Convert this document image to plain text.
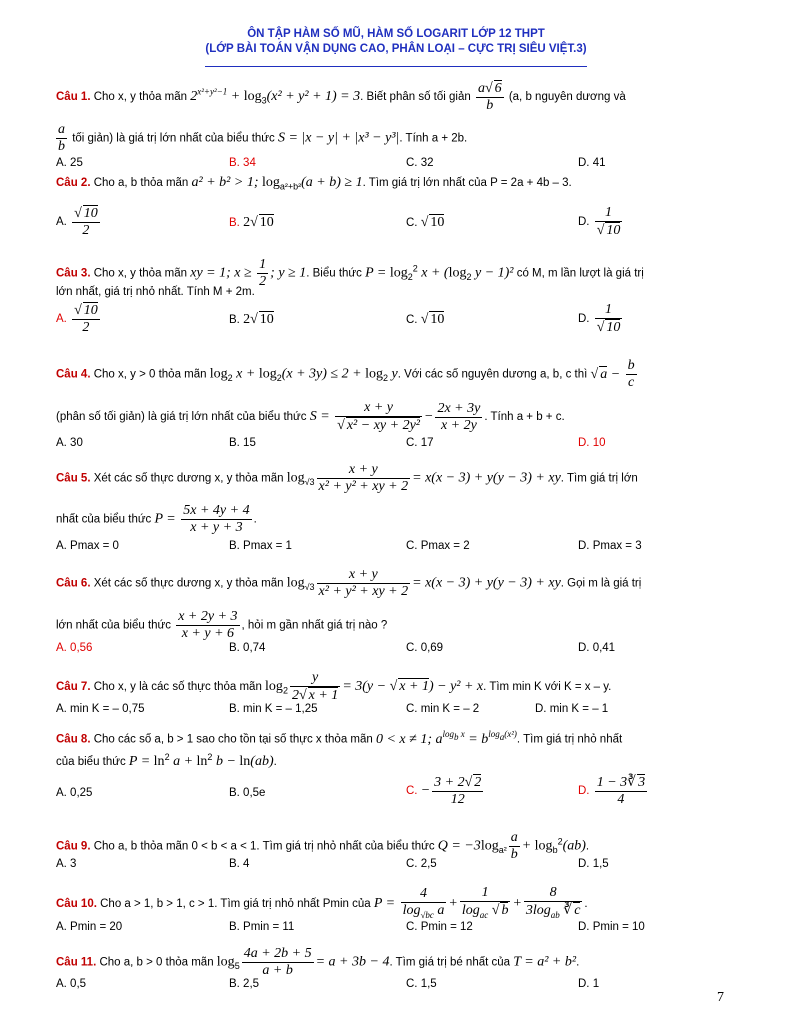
ÔN TẬP HÀM SỐ MŨ, HÀM SỐ LOGARIT LỚP 12 THPT
(LỚP BÀI TOÁN VẬN DỤNG CAO, PHÂN LOẠI – CỰC TRỊ SIÊU VIỆT.3)
Câu 1. Cho x, y thỏa mãn $2^{x^2+y^2-1} + \log_3(x^2 + y^2 + 1) = 3$. Biết phân số tối giản $\frac{a√ 6}{b} (a$, b nguyên dương và
$\frac{a}{b}$ tối giản) là giá trị lớn nhất của biểu thức S = |x − y| + |x³ − y³|. Tính a + 2b.
A. 25	B. 34	C. 32	D. 41
Câu 2. Cho a, b thỏa mãn a² + b² > 1; $\log_{a^2+b^2}(a + b) \ge 1$. Tìm giá trị lớn nhất của P = 2a + 4b – 3.
A. $\frac{√ 10}{2}$	B. 2√ 10	C. √ 10	D. $\frac{1}{√ 10}$
Câu 3. Cho x, y thỏa mãn xy = 1; $x \ge \frac{1}{2}$ ; y ≥ 1. Biểu thức $P = \log_2^2 x + (\log_2$ y − 1)² có M, m lần lượt là giá trị
lớn nhất, giá trị nhỏ nhất. Tính M + 2m.
A. $\frac{√ 10}{2}$	B. 2√ 10	C. √ 10	D. $\frac{1}{√ 10}$
Câu 4. Cho x, y > 0 thỏa mãn $\log_2 x + \log_2(x + 3y) \le 2 + \log_2 y$. Với các số nguyên dương a, b, c thì √ $a - \frac{b}{c}$
(phân số tối giản) là giá trị lớn nhất của biểu thức $S = \frac{x + y}{\text{√ x² − xy + 2y²}} - \frac{2x + 3y}{x + 2y}$ . Tính a + b + c.
A. 30	B. 15	C. 17	D. 10
Câu 5. Xét các số thực dương x, y thỏa mãn $\log_{√3} \frac{x + y}{\text{x² + y² + xy + 2}} = x(x - 3) + y(y - 3)$ + xy. Tìm giá trị lớn
nhất của biểu thức $P = \frac{5x + 4y + 4}{x + y + 3}$ .
A. Pmax = 0	B. Pmax = 1	C. Pmax = 2	D. Pmax = 3
Câu 6. Xét các số thực dương x, y thỏa mãn $\log_{√3} \frac{x + y}{\text{x² + y² + xy + 2}} = x(x - 3) + y(y - 3)$ + xy. Gọi m là giá trị
lớn nhất của biểu thức $\frac{x + 2y + 3}{x + y + 6}$ , hỏi m gần nhất giá trị nào ?
A. 0,56	B. 0,74	C. 0,69	D. 0,41
Câu 7. Cho x, y là các số thực thỏa mãn $\log_2 \frac{y}{2√ x + 1} = 3(y$ − √ x + 1) − y² + x. Tìm min K với K = x – y.
A. min K = – 0,75	B. min K = – 1,25	C. min K = – 2	D. min K = – 1
Câu 8. Cho các số a, b > 1 sao cho tồn tại số thực x thỏa mãn 0 < x ≠ 1; $a^{log_b x} = b^{log_a(x^2)}$. Tìm giá trị nhỏ nhất
của biểu thức $P = \ln^2 a + \ln^2 b - \ln(ab)$.
A. 0,25	B. 0,5e	C. − $\frac{3 + 2√ 2}{12}$	D. $\frac{1 - 3∛ 3}{4}$
Câu 9. Cho a, b thỏa mãn 0 < b < a < 1. Tìm giá trị nhỏ nhất của biểu thức $Q = -3\log_{a^2} \frac{a}{b} + \log_b^2(ab)$.
A. 3	B. 4	C. 2,5	D. 1,5
Câu 10. Cho a > 1, b > 1, c > 1. Tìm giá trị nhỏ nhất Pmin của $P = \frac{4}{\log_{√bc} a} + \frac{1}{\log_{ac} √ b} + \frac{8}{3\log_{ab} ∛ c}$ .
A. Pmin = 20	B. Pmin = 11	C. Pmin = 12	D. Pmin = 10
Câu 11. Cho a, b > 0 thỏa mãn $\log_5 \frac{4a + 2b + 5}{a + b} = a + 3b - 4$. Tìm giá trị bé nhất của T = a² + b².
A. 0,5	B. 2,5	C. 1,5	D. 1
7
